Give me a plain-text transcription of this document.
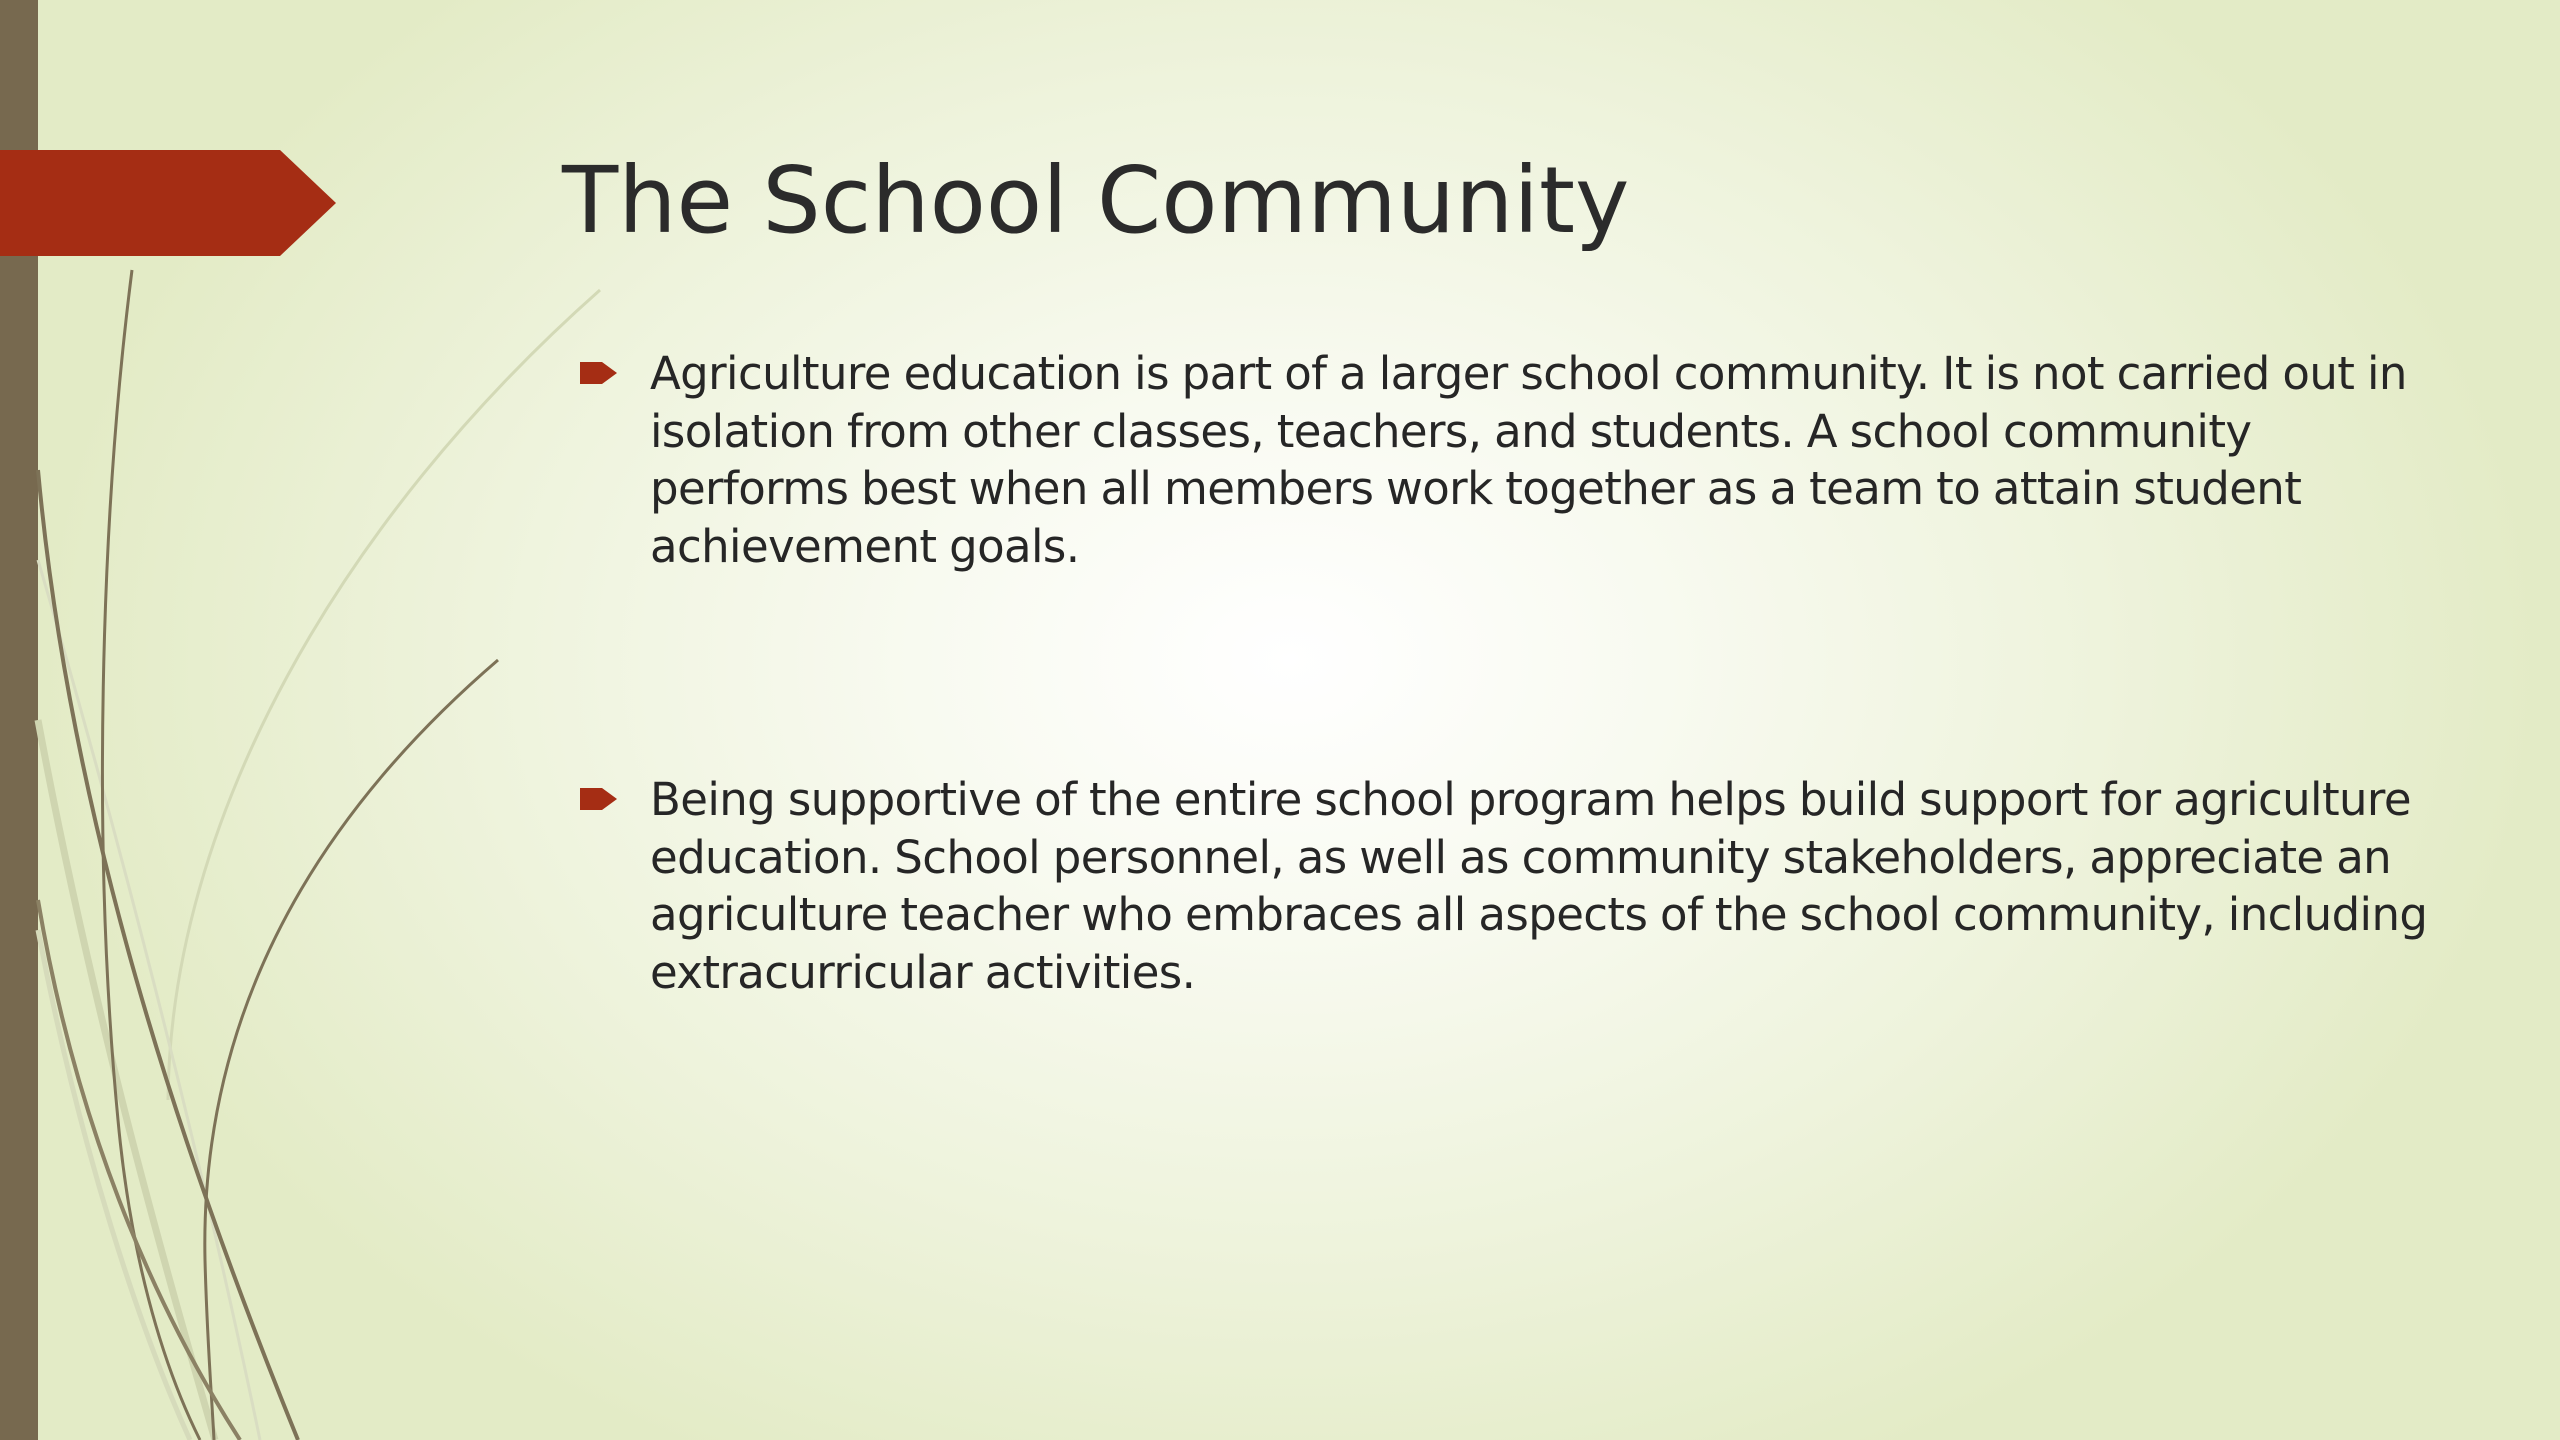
The School Community

Agriculture education is part of a larger school community. It is not carried out in isolation from other classes, teachers, and students. A school community performs best when all members work together as a team to attain student achievement goals.

Being supportive of the entire school program helps build support for agriculture education. School personnel, as well as community stakeholders, appreciate an agriculture teacher who embraces all aspects of the school community, including extracurricular activities.
